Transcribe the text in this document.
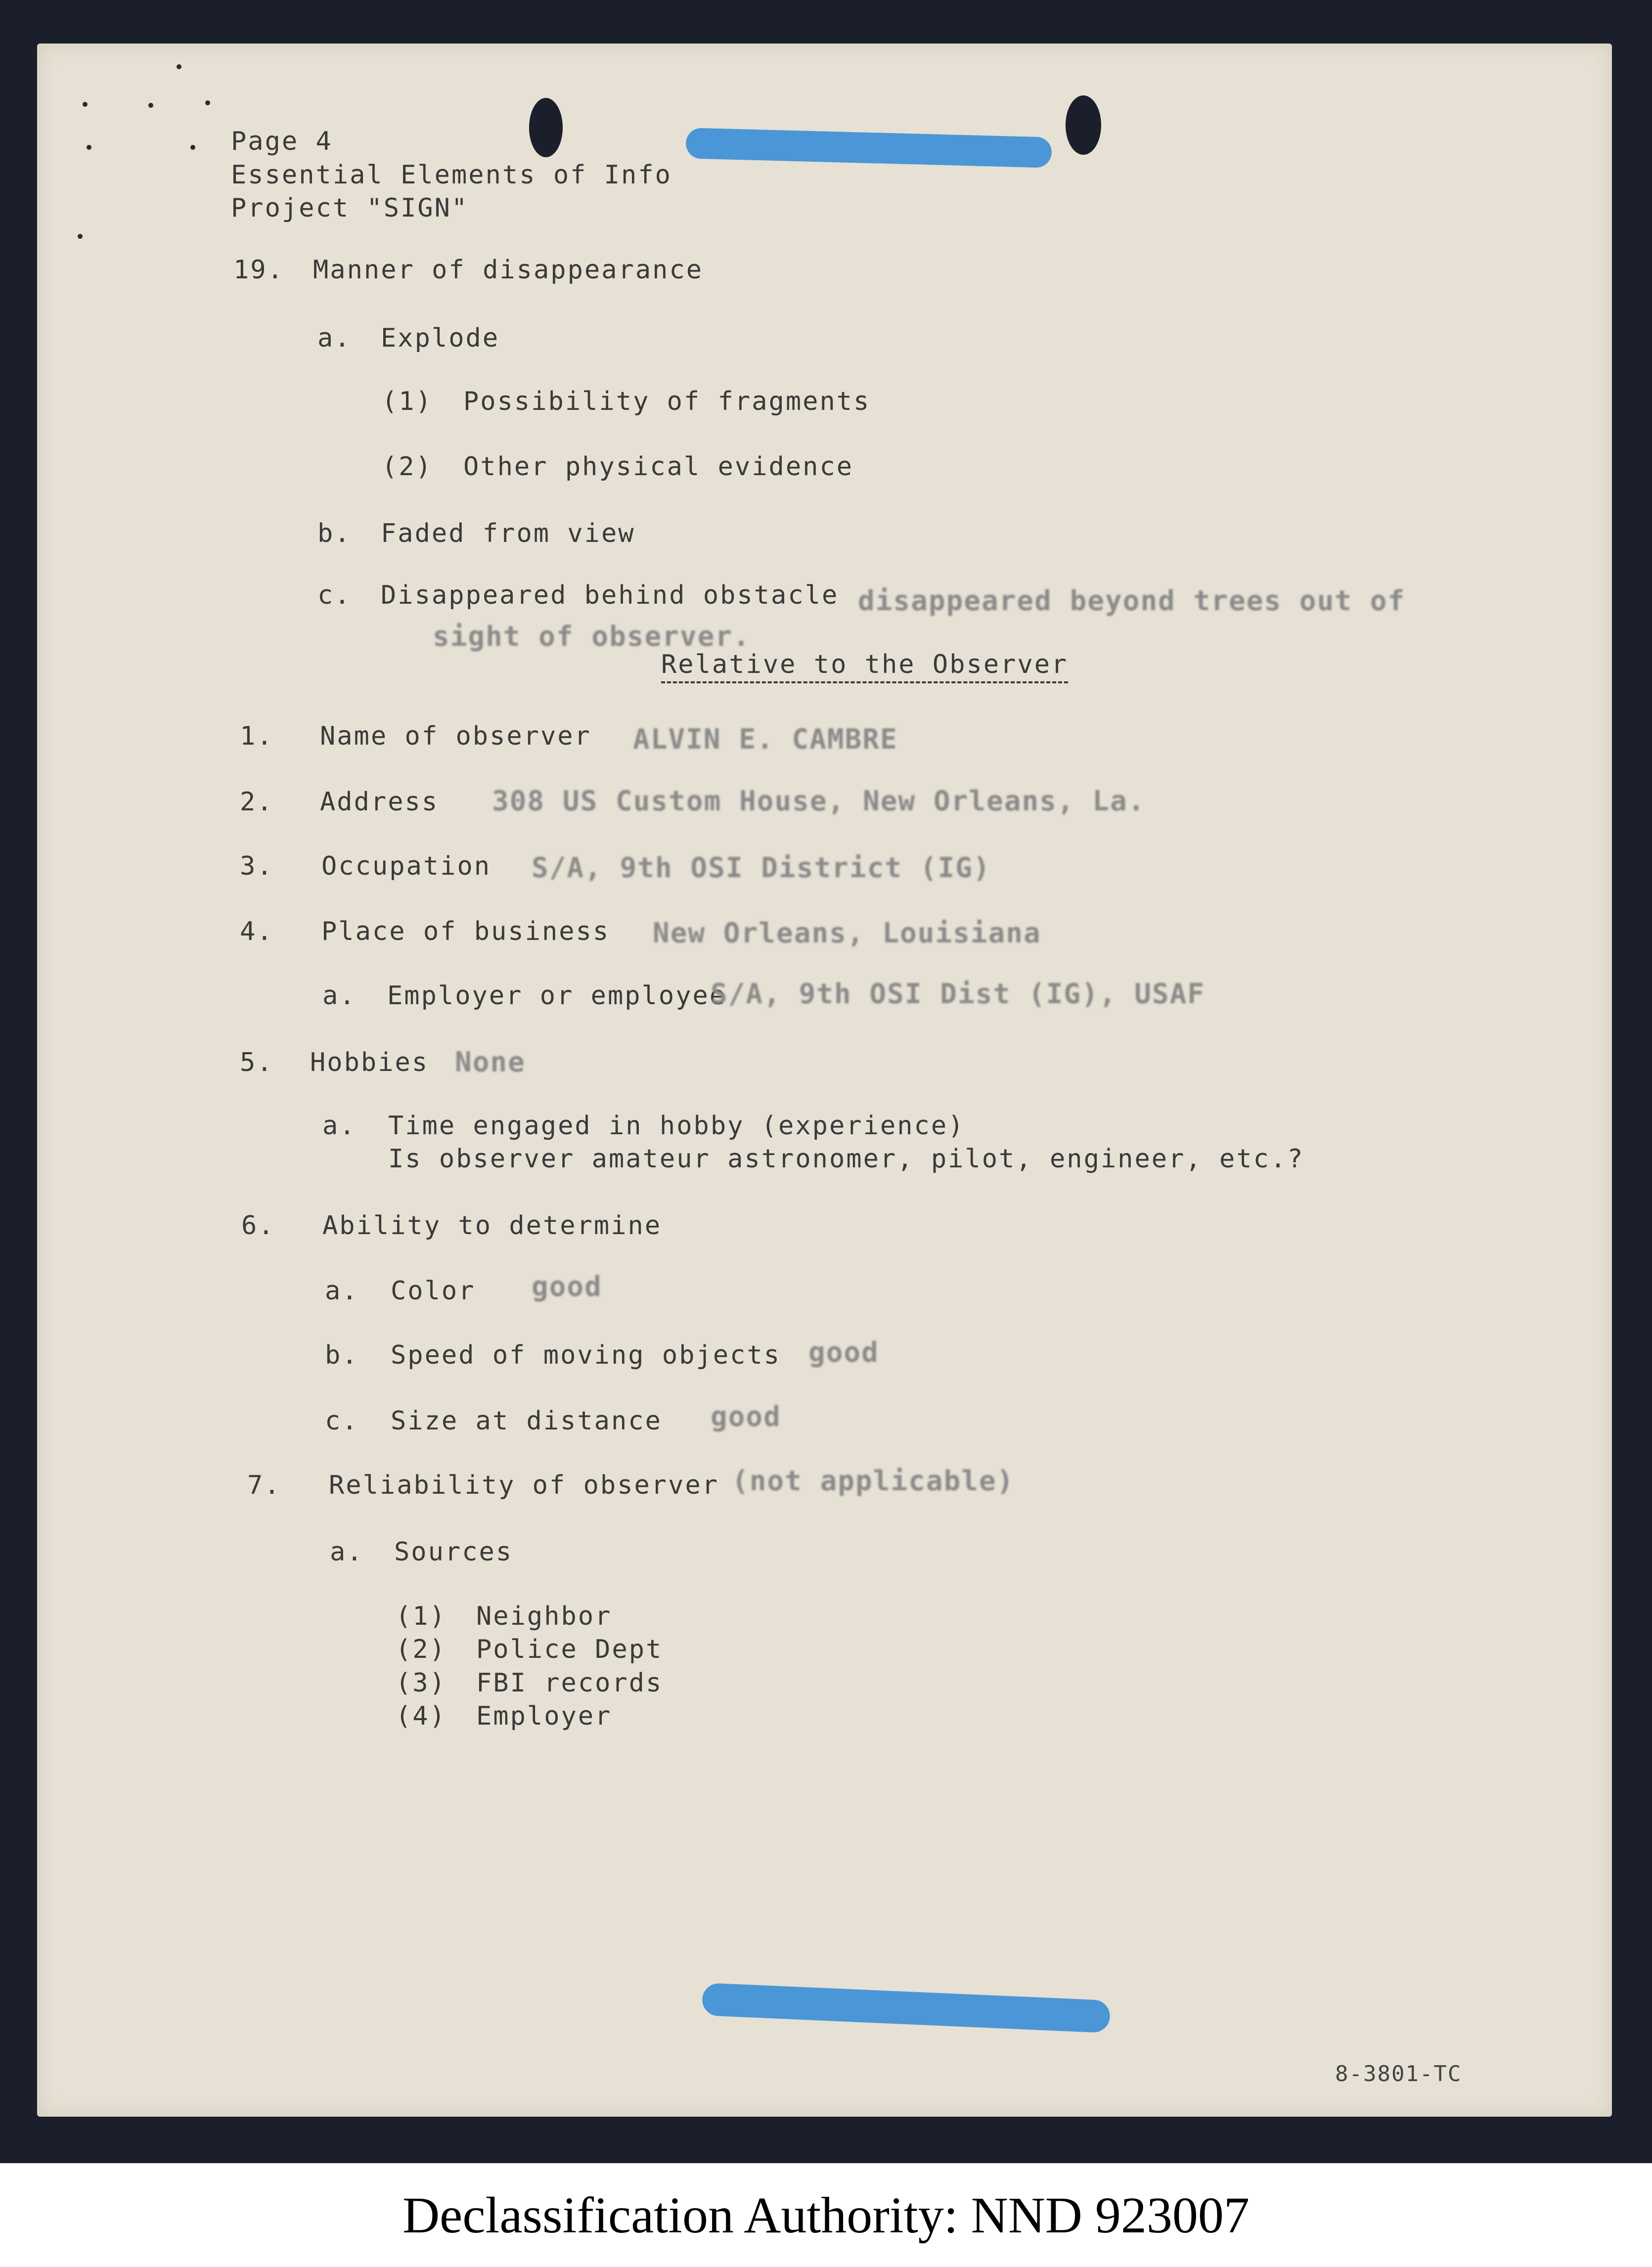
Page 4
Essential Elements of Info
Project "SIGN"
19. Manner of disappearance
a. Explode
(1) Possibility of fragments
(2) Other physical evidence
b. Faded from view
c. Disappeared behind obstacle disappeared beyond trees out of
sight of observer.
Relative to the Observer
1. Name of observer ALVIN E. CAMBRE
2. Address 308 US Custom House, New Orleans, La.
3. Occupation S/A, 9th OSI District (IG)
4. Place of business New Orleans, Louisiana
a. Employer or employee
S/A, 9th OSI Dist (IG), USAF
5. Hobbies None
a. Time engaged in hobby (experience)
Is observer amateur astronomer, pilot, engineer, etc.?
6. Ability to determine
a. Color good
b. Speed of moving objects good
c. Size at distance good
7. Reliability of observer (not applicable)
a. Sources
(1) Neighbor
(2) Police Dept
(3) FBI records
(4) Employer
8-3801-TC
Declassification Authority: NND 923007
